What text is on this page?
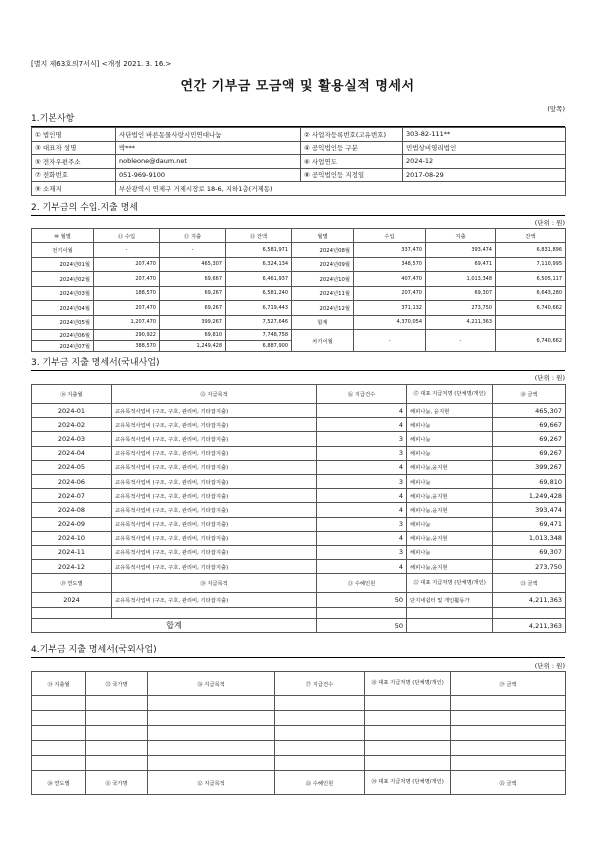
[별지 제63호의7서식] <개정 2021. 3. 16.>
연간 기부금 모금액 및 활용실적 명세서
(앞쪽)
1.기본사항
① 법인명	사단법인 바른동물사랑시민연대나눔	② 사업자등록번호(고유번호)	303-82-111**
③ 대표자 성명	박***	④ 공익법인등 구분	민법상비영리법인
⑤ 전자우편주소	nobleone@daum.net	⑥ 사업연도	2024-12
⑦ 전화번호	051-969-9100	⑧ 공익법인등 지정일	2017-08-29
⑨ 소재지	부산광역시 연제구 거제시장로 18-6, 지하1층(거제동)		
2. 기부금의 수입.지출 명세
(단위 : 원)
⑩ 월별	⑪ 수입	⑫ 지출	⑬ 잔액	월별	수입	지출	잔액
전기이월	-	-	6,581,971	2024년08월	337,470	393,474	6,831,896
2024년01월	207,470	465,307	6,324,134	2024년09월	348,570	69,471	7,110,995
2024년02월	207,470	69,667	6,461,937	2024년10월	407,470	1,013,348	6,505,117
2024년03월	188,570	69,267	6,581,240	2024년11월	207,470	69,307	6,643,280
2024년04월	207,470	69,267	6,719,443	2024년12월	371,132	273,750	6,740,662
2024년05월	1,207,470	399,267	7,527,646	합계	4,370,054	4,211,363	
2024년06월	290,922	69,810	7,748,758	차기이월	-	-	6,740,662
2024년07월	388,570	1,249,428	6,887,900				
3. 기부금 지출 명세서(국내사업)
(단위 : 원)
⑭ 지출월	⑮ 지급목적	⑯ 지급건수	⑰ 대표 지급처명 (단체명/개인)	⑱ 금액
2024-01	교유목적사업비 (구조, 구호, 관리비, 기타잡지출)	4	해피나눔, 윤지현	465,307
2024-02	교유목적사업비 (구조, 구호, 관리비, 기타잡지출)	4	해피나눔	69,667
2024-03	교유목적사업비 (구조, 구호, 관리비, 기타잡지출)	3	해피나눔	69,267
2024-04	교유목적사업비 (구조, 구호, 관리비, 기타잡지출)	3	해피나눔	69,267
2024-05	교유목적사업비 (구조, 구호, 관리비, 기타잡지출)	4	해피나눔,윤지현	399,267
2024-06	교유목적사업비 (구조, 구호, 관리비, 기타잡지출)	3	해피나눔	69,810
2024-07	교유목적사업비 (구조, 구호, 관리비, 기타잡지출)	4	해피나눔,윤지현	1,249,428
2024-08	교유목적사업비 (구조, 구호, 관리비, 기타잡지출)	4	해피나눔,윤지현	393,474
2024-09	교유목적사업비 (구조, 구호, 관리비, 기타잡지출)	3	해피나눔	69,471
2024-10	교유목적사업비 (구조, 구호, 관리비, 기타잡지출)	4	해피나눔,윤지현	1,013,348
2024-11	교유목적사업비 (구조, 구호, 관리비, 기타잡지출)	3	해피나눔	69,307
2024-12	교유목적사업비 (구조, 구호, 관리비, 기타잡지출)	4	해피나눔,윤지현	273,750
⑲ 연도별	⑳ 지급목적	㉑ 수혜인원	㉒ 대표 지급처명 (단체명/개인)	㉓ 금액
2024	교유목적사업비 (구조, 구호, 관리비, 기타잡지출)	50	단지네쉼터 및 개인활동가	4,211,363

합계		50		4,211,363
4.기부금 지출 명세서(국외사업)
(단위 : 원)
㉔ 지출월	㉕ 국가명	㉖ 지급목적	㉗ 지급건수	㉘ 대표 지급처명 (단체명/개인)	㉙ 금액

㉚ 연도별	㉛ 국가명	㉜ 지급목적	㉝ 수혜인원	㉞ 대표 지급처명 (단체명/개인)	㉟ 금액
